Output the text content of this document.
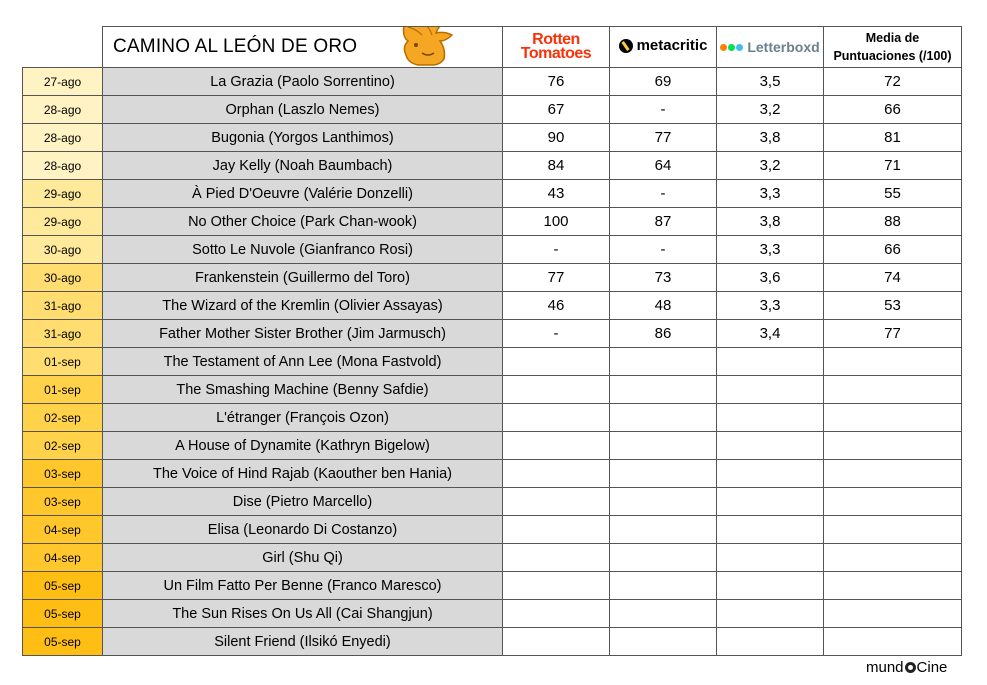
	CAMINO AL LEÓN DE ORO	Rotten
Tomatoes	metacritic	Letterboxd	Media de
Puntuaciones (/100)
27-ago	La Grazia (Paolo Sorrentino)	76	69	3,5	72
28-ago	Orphan (Laszlo Nemes)	67	-	3,2	66
28-ago	Bugonia (Yorgos Lanthimos)	90	77	3,8	81
28-ago	Jay Kelly (Noah Baumbach)	84	64	3,2	71
29-ago	À Pied D'Oeuvre (Valérie Donzelli)	43	-	3,3	55
29-ago	No Other Choice (Park Chan-wook)	100	87	3,8	88
30-ago	Sotto Le Nuvole (Gianfranco Rosi)	-	-	3,3	66
30-ago	Frankenstein (Guillermo del Toro)	77	73	3,6	74
31-ago	The Wizard of the Kremlin (Olivier Assayas)	46	48	3,3	53
31-ago	Father Mother Sister Brother (Jim Jarmusch)	-	86	3,4	77
01-sep	The Testament of Ann Lee (Mona Fastvold)				
01-sep	The Smashing Machine (Benny Safdie)				
02-sep	L'étranger (François Ozon)				
02-sep	A House of Dynamite (Kathryn Bigelow)				
03-sep	The Voice of Hind Rajab (Kaouther ben Hania)				
03-sep	Dise (Pietro Marcello)				
04-sep	Elisa (Leonardo Di Costanzo)				
04-sep	Girl (Shu Qi)				
05-sep	Un Film Fatto Per Benne (Franco Maresco)				
05-sep	The Sun Rises On Us All (Cai Shangjun)				
05-sep	Silent Friend (Ilsikó Enyedi)				
mund Cine
